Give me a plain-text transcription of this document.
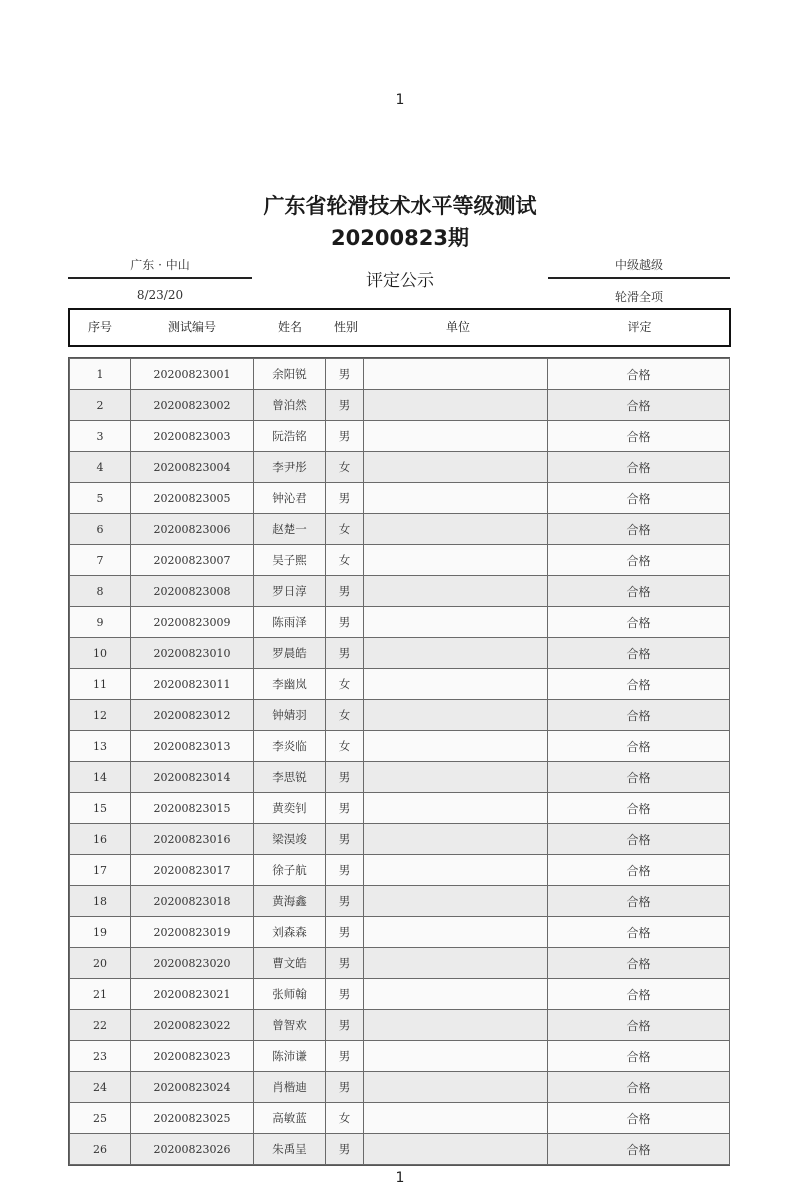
1
广东省轮滑技术水平等级测试
20200823期
广东 · 中山
8/23/20
评定公示
中级越级
轮滑全项
序号	测试编号	姓名	性别	单位	评定
1	20200823001	余阳锐	男		合格
2	20200823002	曾泊然	男		合格
3	20200823003	阮浩铭	男		合格
4	20200823004	李尹彤	女		合格
5	20200823005	钟沁君	男		合格
6	20200823006	赵楚一	女		合格
7	20200823007	吴子熙	女		合格
8	20200823008	罗日淳	男		合格
9	20200823009	陈雨泽	男		合格
10	20200823010	罗晨皓	男		合格
11	20200823011	李幽岚	女		合格
12	20200823012	钟婧羽	女		合格
13	20200823013	李炎临	女		合格
14	20200823014	李思锐	男		合格
15	20200823015	黄奕钊	男		合格
16	20200823016	梁淏竣	男		合格
17	20200823017	徐子航	男		合格
18	20200823018	黄海鑫	男		合格
19	20200823019	刘森森	男		合格
20	20200823020	曹文皓	男		合格
21	20200823021	张师翰	男		合格
22	20200823022	曾智欢	男		合格
23	20200823023	陈沛谦	男		合格
24	20200823024	肖楷迪	男		合格
25	20200823025	高敏蓝	女		合格
26	20200823026	朱禹呈	男		合格
1
